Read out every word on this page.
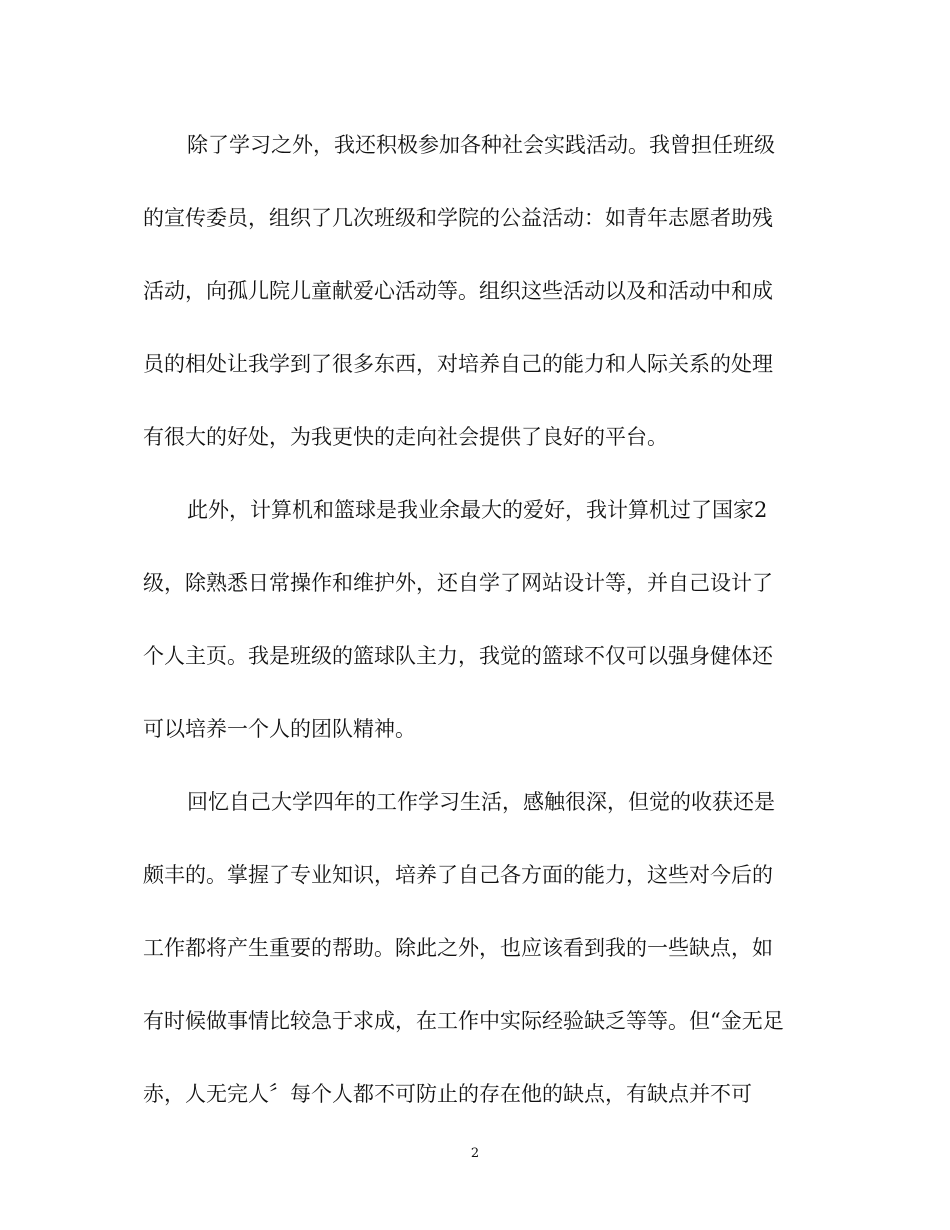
除了学习之外，我还积极参加各种社会实践活动。我曾担任班级
的宣传委员，组织了几次班级和学院的公益活动：如青年志愿者助残
活动，向孤儿院儿童献爱心活动等。组织这些活动以及和活动中和成
员的相处让我学到了很多东西，对培养自己的能力和人际关系的处理
有很大的好处，为我更快的走向社会提供了良好的平台。
此外，计算机和篮球是我业余最大的爱好，我计算机过了国家2
级，除熟悉日常操作和维护外，还自学了网站设计等，并自己设计了
个人主页。我是班级的篮球队主力，我觉的篮球不仅可以强身健体还
可以培养一个人的团队精神。
回忆自己大学四年的工作学习生活，感触很深，但觉的收获还是
颇丰的。掌握了专业知识，培养了自己各方面的能力，这些对今后的
工作都将产生重要的帮助。除此之外，也应该看到我的一些缺点，如
有时候做事情比较急于求成，在工作中实际经验缺乏等等。但“金无足
赤，人无完人〞每个人都不可防止的存在他的缺点，有缺点并不可
2
